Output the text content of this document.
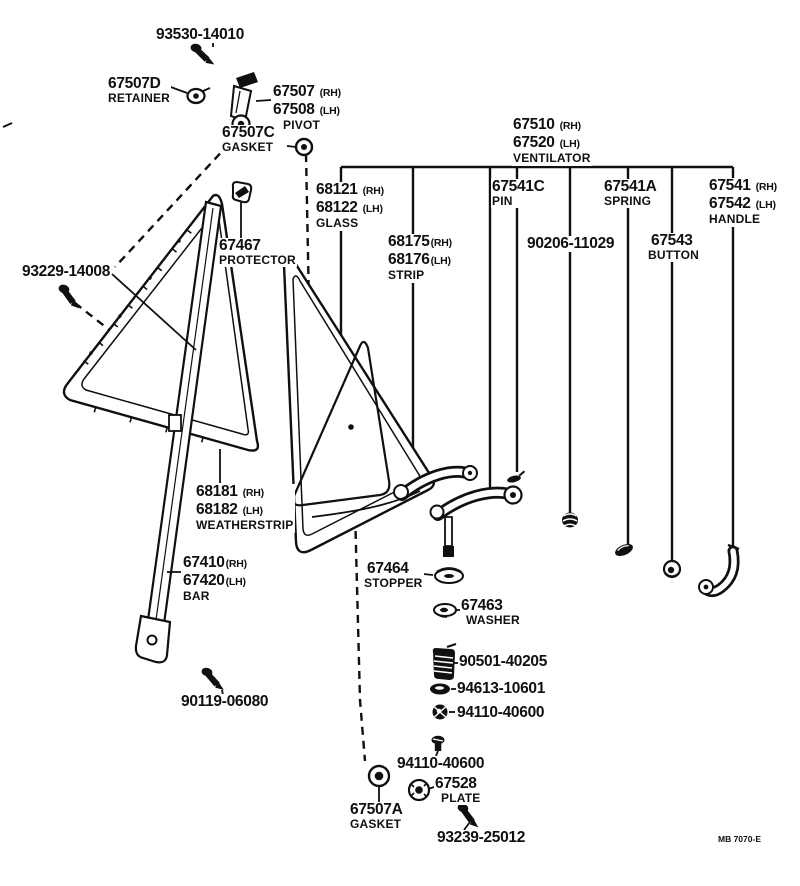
93530-14010
67507D
RETAINER	67507 (RH)
67508 (LH)
PIVOT
67507C
GASKET
67510 (RH)
67520 (LH)
VENTILATOR
68121 (RH)
68122 (LH)
GLASS
67541C
PIN
67541A
SPRING
67541 (RH)
67542 (LH)
HANDLE
68175 (RH)
68176 (LH)
STRIP
90206-11029 67543
BUTTON
67467
PROTECTOR
93229-14008
68181 (RH)
68182 (LH)
WEATHERSTRIP
67410 (RH)
67420 (LH)
BAR
67464
STOPPER
67463
WASHER
90501-40205
94613-10601
94110-40600
94110-40600
67528
PLATE
67507A
GASKET
93239-25012
90119-06080
MB 7070-E
